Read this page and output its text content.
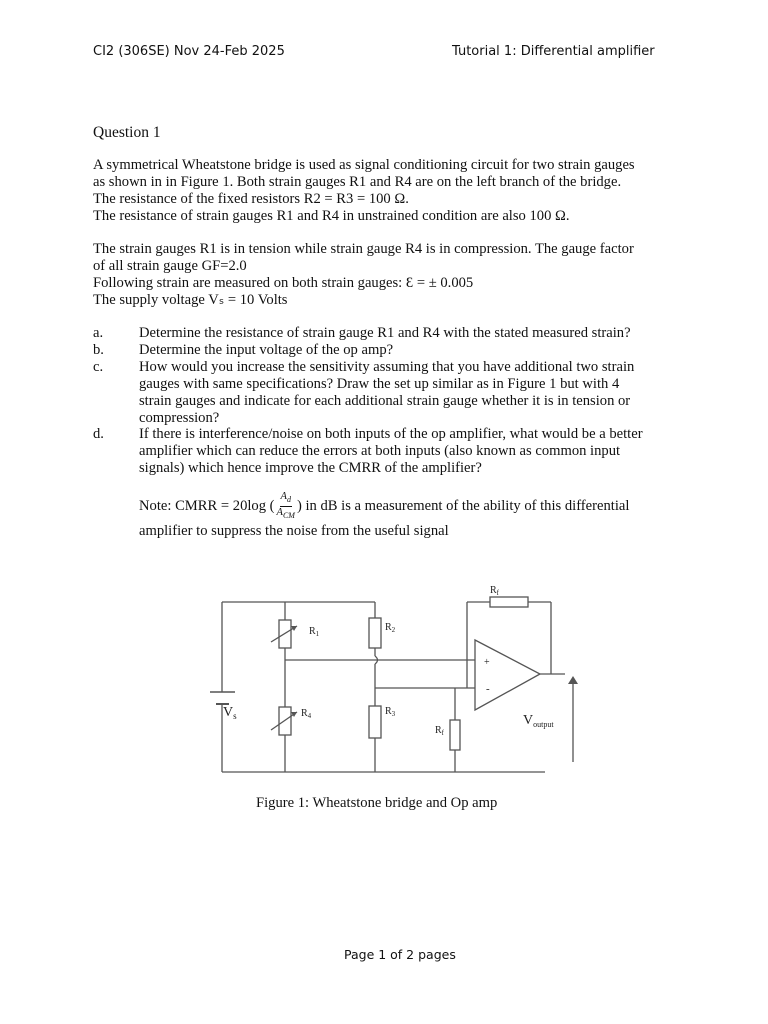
CI2 (306SE) Nov 24-Feb 2025	Tutorial 1: Differential amplifier
Question 1
A symmetrical Wheatstone bridge is used as signal conditioning circuit for two strain gauges
as shown in in Figure 1. Both strain gauges R1 and R4 are on the left branch of the bridge.
The resistance of the fixed resistors R2 = R3 = 100 Ω.
The resistance of strain gauges R1 and R4 in unstrained condition are also 100 Ω.
The strain gauges R1 is in tension while strain gauge R4 is in compression. The gauge factor
of all strain gauge GF=2.0
Following strain are measured on both strain gauges: Ɛ = ± 0.005
The supply voltage Vₛ = 10 Volts
a. Determine the resistance of strain gauge R1 and R4 with the stated measured strain?
b. Determine the input voltage of the op amp?
c. How would you increase the sensitivity assuming that you have additional two strain
gauges with same specifications? Draw the set up similar as in Figure 1 but with 4
strain gauges and indicate for each additional strain gauge whether it is in tension or
compression?
d. If there is interference/noise on both inputs of the op amplifier, what would be a better
amplifier which can reduce the errors at both inputs (also known as common input
signals) which hence improve the CMRR of the amplifier?
Note: CMRR = 20log ( $\frac{A_d}{A_{CM}}$ ) in dB is a measurement of the ability of this differential
amplifier to suppress the noise from the useful signal
$R_1$
$R_2$
$R_3$
$R_4$
$R_f$
$R_f$
$V_s$	$V_{output}$
+
-
Figure 1: Wheatstone bridge and Op amp
Page 1 of 2 pages
